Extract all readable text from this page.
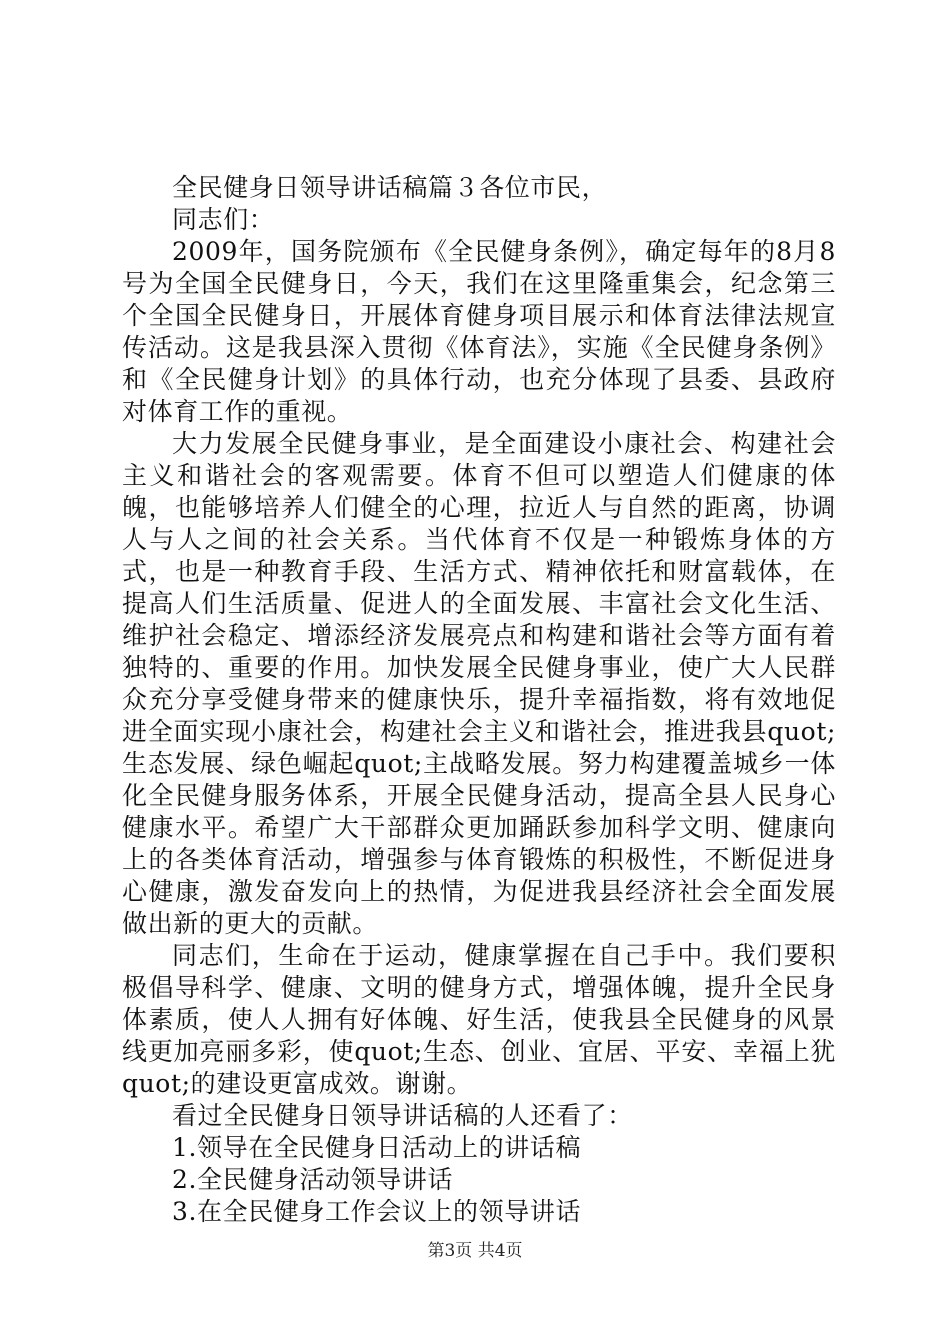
全民健身日领导讲话稿篇３各位市民，
同志们：

2009年，国务院颁布《全民健身条例》，确定每年的8月8号为全国全民健身日，今天，我们在这里隆重集会，纪念第三个全国全民健身日，开展体育健身项目展示和体育法律法规宣传活动。这是我县深入贯彻《体育法》，实施《全民健身条例》和《全民健身计划》的具体行动，也充分体现了县委、县政府对体育工作的重视。

大力发展全民健身事业，是全面建设小康社会、构建社会主义和谐社会的客观需要。体育不但可以塑造人们健康的体魄，也能够培养人们健全的心理，拉近人与自然的距离，协调人与人之间的社会关系。当代体育不仅是一种锻炼身体的方式，也是一种教育手段、生活方式、精神依托和财富载体，在提高人们生活质量、促进人的全面发展、丰富社会文化生活、维护社会稳定、增添经济发展亮点和构建和谐社会等方面有着独特的、重要的作用。加快发展全民健身事业，使广大人民群众充分享受健身带来的健康快乐，提升幸福指数，将有效地促进全面实现小康社会，构建社会主义和谐社会，推进我县quot;生态发展、绿色崛起quot;主战略发展。努力构建覆盖城乡一体化全民健身服务体系，开展全民健身活动，提高全县人民身心健康水平。希望广大干部群众更加踊跃参加科学文明、健康向上的各类体育活动，增强参与体育锻炼的积极性，不断促进身心健康，激发奋发向上的热情，为促进我县经济社会全面发展做出新的更大的贡献。

同志们，生命在于运动，健康掌握在自己手中。我们要积极倡导科学、健康、文明的健身方式，增强体魄，提升全民身体素质，使人人拥有好体魄、好生活，使我县全民健身的风景线更加亮丽多彩，使quot;生态、创业、宜居、平安、幸福上犹quot;的建设更富成效。谢谢。

看过全民健身日领导讲话稿的人还看了：
1.领导在全民健身日活动上的讲话稿
2.全民健身活动领导讲话
3.在全民健身工作会议上的领导讲话
第3页 共4页
